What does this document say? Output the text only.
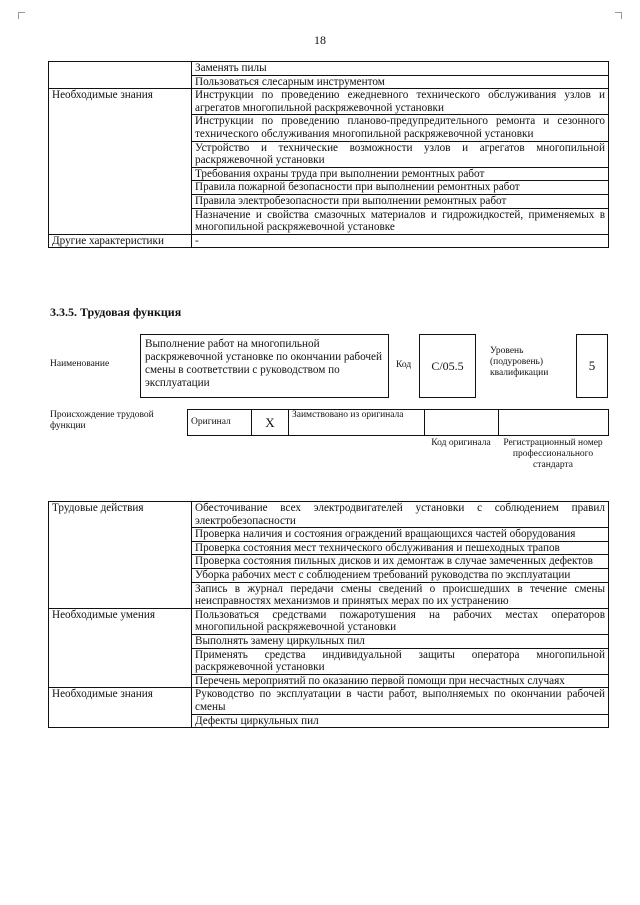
18
	Заменять пилы
	Пользоваться слесарным инструментом
Необходимые знания	Инструкции по проведению ежедневного технического обслуживания узлов и агрегатов многопильной раскряжевочной установки
	Инструкции по проведению планово-предупредительного ремонта и сезонного технического обслуживания многопильной раскряжевочной установки
	Устройство и технические возможности узлов и агрегатов многопильной раскряжевочной установки
	Требования охраны труда при выполнении ремонтных работ
	Правила пожарной безопасности при выполнении ремонтных работ
	Правила электробезопасности при выполнении ремонтных работ
	Назначение и свойства смазочных материалов и гидрожидкостей, применяемых в многопильной раскряжевочной установке
Другие характеристики	-
3.3.5. Трудовая функция
Наименование
Выполнение работ на многопильной раскряжевочной установке по окончании рабочей смены в соответствии с руководством по эксплуатации
Код C/05.5
Уровень (подуровень) квалификации	5
Происхождение трудовой функции	Оригинал	X	Заимствовано из оригинала		
Код оригинала	Регистрационный номер профессионального стандарта
Трудовые действия	Обесточивание всех электродвигателей установки с соблюдением правил электробезопасности
	Проверка наличия и состояния ограждений вращающихся частей оборудования
	Проверка состояния мест технического обслуживания и пешеходных трапов
	Проверка состояния пильных дисков и их демонтаж в случае замеченных дефектов
	Уборка рабочих мест с соблюдением требований руководства по эксплуатации
	Запись в журнал передачи смены сведений о происшедших в течение смены неисправностях механизмов и принятых мерах по их устранению
Необходимые умения	Пользоваться средствами пожаротушения на рабочих местах операторов многопильной раскряжевочной установки
	Выполнять замену циркульных пил
	Применять средства индивидуальной защиты оператора многопильной раскряжевочной установки
	Перечень мероприятий по оказанию первой помощи при несчастных случаях
Необходимые знания	Руководство по эксплуатации в части работ, выполняемых по окончании рабочей смены
	Дефекты циркульных пил
